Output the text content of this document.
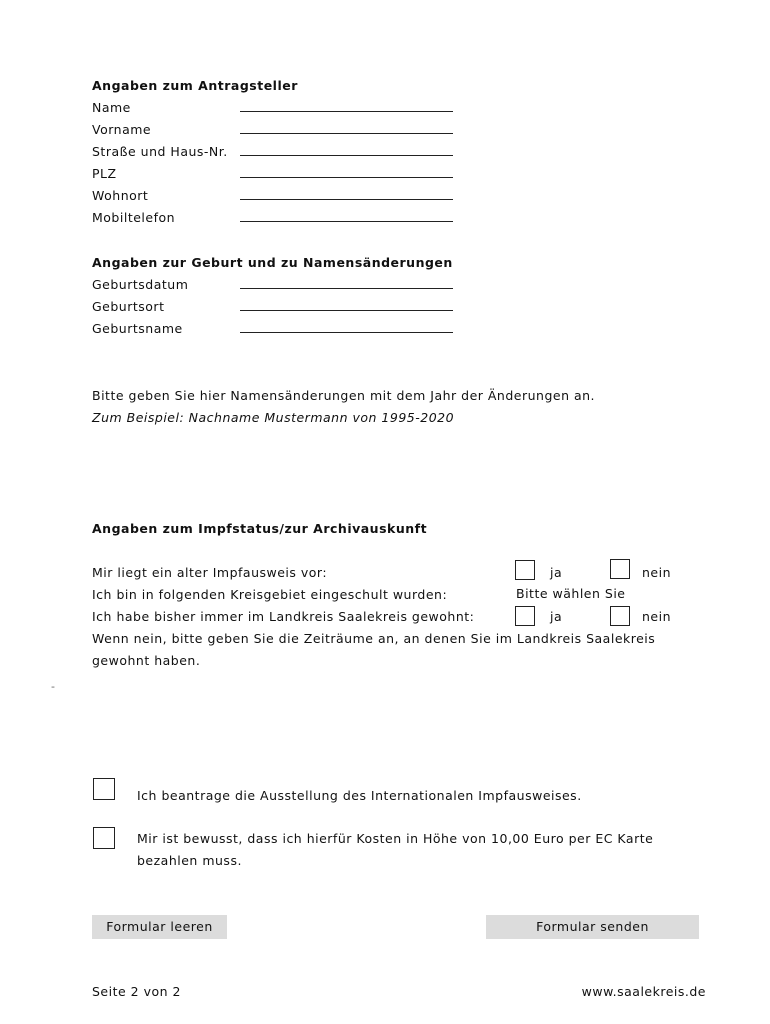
Angaben zum Antragsteller
Name
Vorname
Straße und Haus-Nr.
PLZ
Wohnort
Mobiltelefon
Angaben zur Geburt und zu Namensänderungen
Geburtsdatum
Geburtsort
Geburtsname
Bitte geben Sie hier Namensänderungen mit dem Jahr der Änderungen an.
Zum Beispiel: Nachname Mustermann von 1995-2020
Angaben zum Impfstatus/zur Archivauskunft
Mir liegt ein alter Impfausweis vor:	ja	nein
Ich bin in folgenden Kreisgebiet eingeschult wurden:	Bitte wählen Sie
Ich habe bisher immer im Landkreis Saalekreis gewohnt:	ja	nein
Wenn nein, bitte geben Sie die Zeiträume an, an denen Sie im Landkreis Saalekreis
gewohnt haben.
-
Ich beantrage die Ausstellung des Internationalen Impfausweises.
Mir ist bewusst, dass ich hierfür Kosten in Höhe von 10,00 Euro per EC Karte
bezahlen muss.
Formular leeren	Formular senden
Seite 2 von 2	www.saalekreis.de
